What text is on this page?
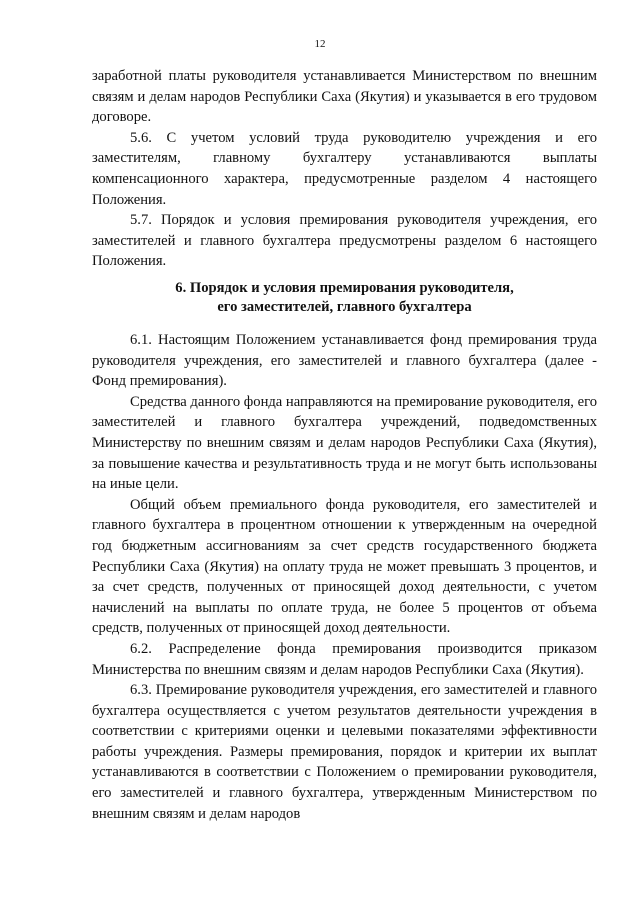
12

заработной платы руководителя устанавливается Министерством по внешним связям и делам народов Республики Саха (Якутия) и указывается в его трудовом договоре.

5.6. С учетом условий труда руководителю учреждения и его заместителям, главному бухгалтеру устанавливаются выплаты компенсационного характера, предусмотренные разделом 4 настоящего Положения.

5.7. Порядок и условия премирования руководителя учреждения, его заместителей и главного бухгалтера предусмотрены разделом 6 настоящего Положения.

6. Порядок и условия премирования руководителя,
его заместителей, главного бухгалтера

6.1. Настоящим Положением устанавливается фонд премирования труда руководителя учреждения, его заместителей и главного бухгалтера (далее - Фонд премирования).

Средства данного фонда направляются на премирование руководителя, его заместителей и главного бухгалтера учреждений, подведомственных Министерству по внешним связям и делам народов Республики Саха (Якутия), за повышение качества и результативность труда и не могут быть использованы на иные цели.

Общий объем премиального фонда руководителя, его заместителей и главного бухгалтера в процентном отношении к утвержденным на очередной год бюджетным ассигнованиям за счет средств государственного бюджета Республики Саха (Якутия) на оплату труда не может превышать 3 процентов, и за счет средств, полученных от приносящей доход деятельности, с учетом начислений на выплаты по оплате труда, не более 5 процентов от объема средств, полученных от приносящей доход деятельности.

6.2. Распределение фонда премирования производится приказом Министерства по внешним связям и делам народов Республики Саха (Якутия).

6.3. Премирование руководителя учреждения, его заместителей и главного бухгалтера осуществляется с учетом результатов деятельности учреждения в соответствии с критериями оценки и целевыми показателями эффективности работы учреждения. Размеры премирования, порядок и критерии их выплат устанавливаются в соответствии с Положением о премировании руководителя, его заместителей и главного бухгалтера, утвержденным Министерством по внешним связям и делам народов
